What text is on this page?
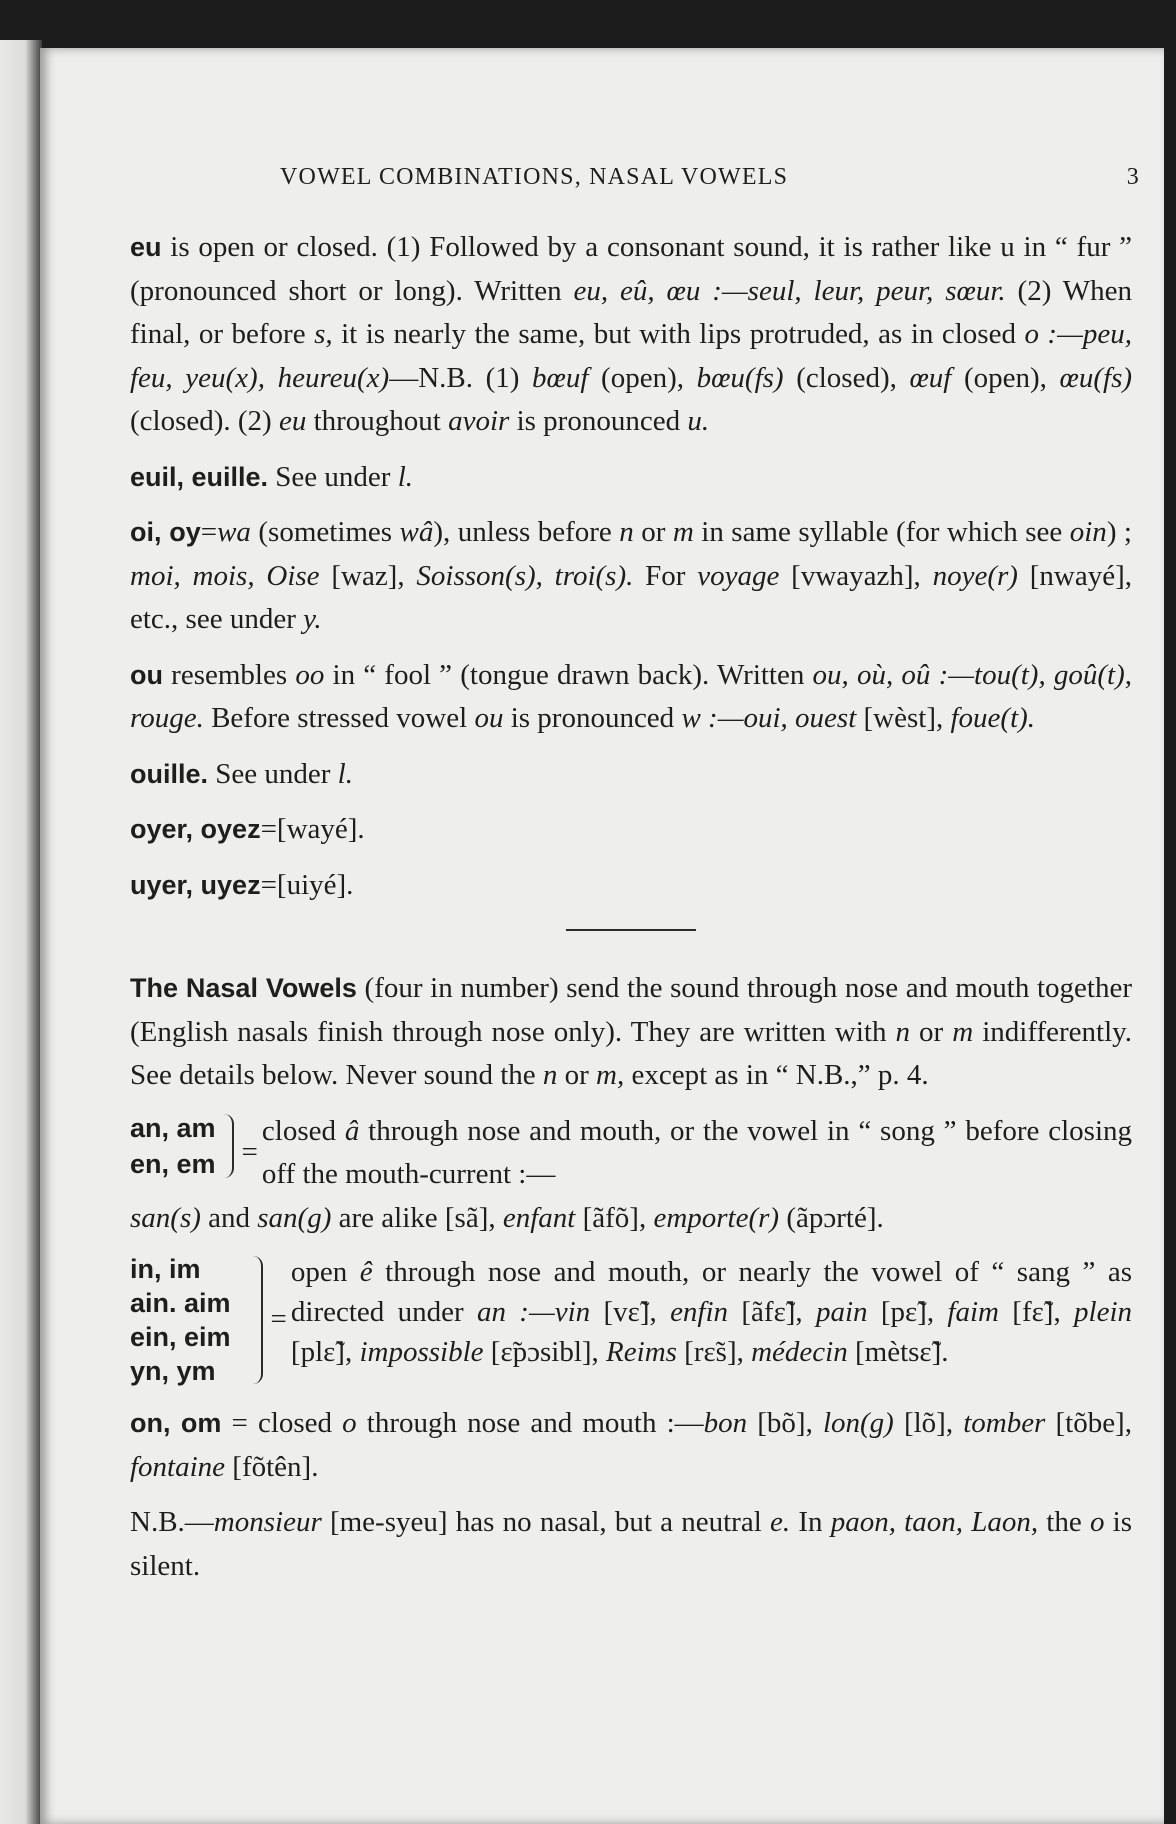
VOWEL COMBINATIONS, NASAL VOWELS	3

eu is open or closed. (1) Followed by a consonant sound, it is rather like u in “ fur ” (pronounced short or long). Written eu, eû, œu :—seul, leur, peur, sœur. (2) When final, or before s, it is nearly the same, but with lips protruded, as in closed o :—peu, feu, yeu(x), heureu(x)—N.B. (1) bœuf (open), bœu(fs) (closed), œuf (open), œu(fs) (closed). (2) eu throughout avoir is pronounced u.

euil, euille. See under l.

oi, oy=wa (sometimes wâ), unless before n or m in same syllable (for which see oin) ; moi, mois, Oise [waz], Soisson(s), troi(s). For voyage [vwayazh], noye(r) [nwayé], etc., see under y.

ou resembles oo in “ fool ” (tongue drawn back). Written ou, où, oû :—tou(t), goû(t), rouge. Before stressed vowel ou is pronounced w :—oui, ouest [wèst], foue(t).

ouille. See under l.

oyer, oyez=[wayé].

uyer, uyez=[uiyé].

The Nasal Vowels (four in number) send the sound through nose and mouth together (English nasals finish through nose only). They are written with n or m indifferently. See details below. Never sound the n or m, except as in “ N.B.,” p. 4.

an, am
en, em =
closed â through nose and mouth, or the vowel in “ song ” before closing off the mouth-current :—
san(s) and san(g) are alike [sã], enfant [ãfõ], emporte(r) (ãpɔrté].
in, im
ain. aim
ein, eim
yn, ym
=
open ê through nose and mouth, or nearly the vowel of “ sang ” as directed under an :—vin [vɛ̃], enfin [ãfɛ̃], pain [pɛ̃], faim [fɛ̃], plein [plɛ̃], impossible [ɛ̃pɔsibl], Reims [rɛ̃s], médecin [mètsɛ̃].

on, om = closed o through nose and mouth :—bon [bõ], lon(g) [lõ], tomber [tõbe], fontaine [fõtên].

N.B.—monsieur [me-syeu] has no nasal, but a neutral e. In paon, taon, Laon, the o is silent.
